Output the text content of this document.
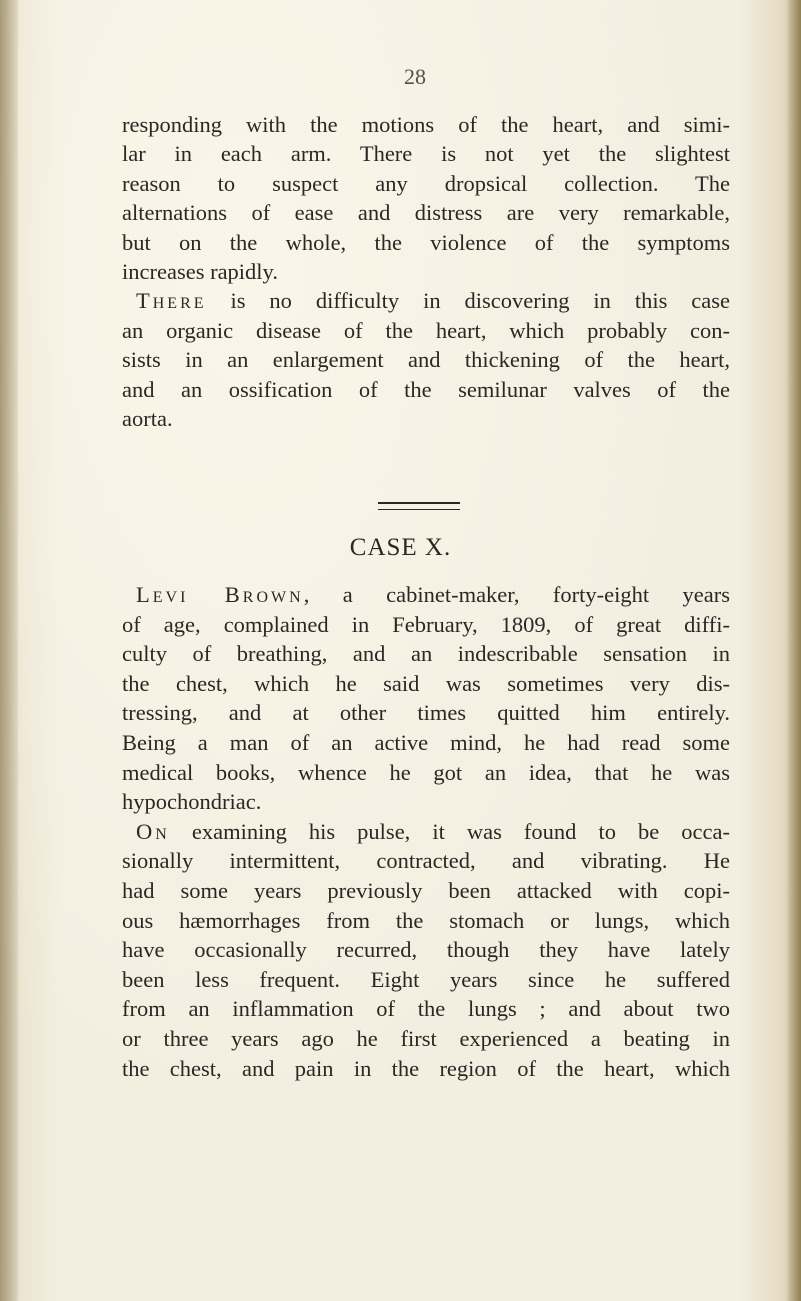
28
responding with the motions of the heart, and simi-
lar in each arm. There is not yet the slightest
reason to suspect any dropsical collection. The
alternations of ease and distress are very remarkable,
but on the whole, the violence of the symptoms
increases rapidly.
There is no difficulty in discovering in this case
an organic disease of the heart, which probably con-
sists in an enlargement and thickening of the heart,
and an ossification of the semilunar valves of the
aorta.
CASE X.
Levi Brown, a cabinet-maker, forty-eight years
of age, complained in February, 1809, of great diffi-
culty of breathing, and an indescribable sensation in
the chest, which he said was sometimes very dis-
tressing, and at other times quitted him entirely.
Being a man of an active mind, he had read some
medical books, whence he got an idea, that he was
hypochondriac.
On examining his pulse, it was found to be occa-
sionally intermittent, contracted, and vibrating. He
had some years previously been attacked with copi-
ous hæmorrhages from the stomach or lungs, which
have occasionally recurred, though they have lately
been less frequent. Eight years since he suffered
from an inflammation of the lungs ; and about two
or three years ago he first experienced a beating in
the chest, and pain in the region of the heart, which
